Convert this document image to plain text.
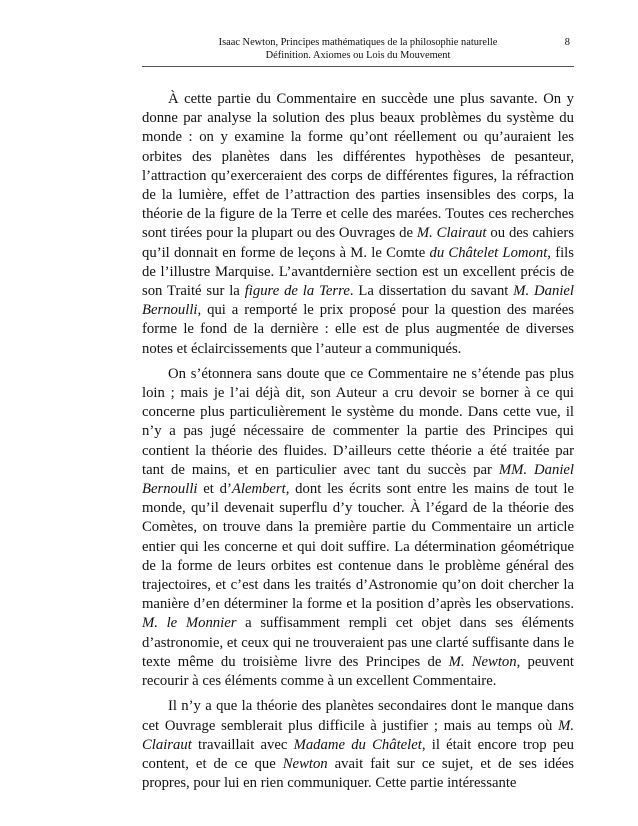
Isaac Newton, Principes mathématiques de la philosophie naturelle
Définition. Axiomes ou Lois du Mouvement
8

À cette partie du Commentaire en succède une plus savante. On y donne par analyse la solution des plus beaux problèmes du système du monde : on y examine la forme qu’ont réellement ou qu’auraient les orbites des planètes dans les différentes hypothèses de pesanteur, l’attraction qu’exerceraient des corps de différentes figures, la réfraction de la lumière, effet de l’attraction des parties insensibles des corps, la théorie de la figure de la Terre et celle des marées. Toutes ces recherches sont tirées pour la plupart ou des Ouvrages de M. Clairaut ou des cahiers qu’il donnait en forme de leçons à M. le Comte du Châtelet Lomont, fils de l’illustre Marquise. L’avantdernière section est un excellent précis de son Traité sur la figure de la Terre. La dissertation du savant M. Daniel Bernoulli, qui a remporté le prix proposé pour la question des marées forme le fond de la dernière : elle est de plus augmentée de diverses notes et éclaircissements que l’auteur a communiqués.

On s’étonnera sans doute que ce Commentaire ne s’étende pas plus loin ; mais je l’ai déjà dit, son Auteur a cru devoir se borner à ce qui concerne plus particulièrement le système du monde. Dans cette vue, il n’y a pas jugé nécessaire de commenter la partie des Principes qui contient la théorie des fluides. D’ailleurs cette théorie a été traitée par tant de mains, et en particulier avec tant du succès par MM. Daniel Bernoulli et d’Alembert, dont les écrits sont entre les mains de tout le monde, qu’il devenait superflu d’y toucher. À l’égard de la théorie des Comètes, on trouve dans la première partie du Commentaire un article entier qui les concerne et qui doit suffire. La détermination géométrique de la forme de leurs orbites est contenue dans le problème général des trajectoires, et c’est dans les traités d’Astronomie qu’on doit chercher la manière d’en déterminer la forme et la position d’après les observations. M. le Monnier a suffisamment rempli cet objet dans ses éléments d’astronomie, et ceux qui ne trouveraient pas une clarté suffisante dans le texte même du troisième livre des Principes de M. Newton, peuvent recourir à ces éléments comme à un excellent Commentaire.

Il n’y a que la théorie des planètes secondaires dont le manque dans cet Ouvrage semblerait plus difficile à justifier ; mais au temps où M. Clairaut travaillait avec Madame du Châtelet, il était encore trop peu content, et de ce que Newton avait fait sur ce sujet, et de ses idées propres, pour lui en rien communiquer. Cette partie intéressante
